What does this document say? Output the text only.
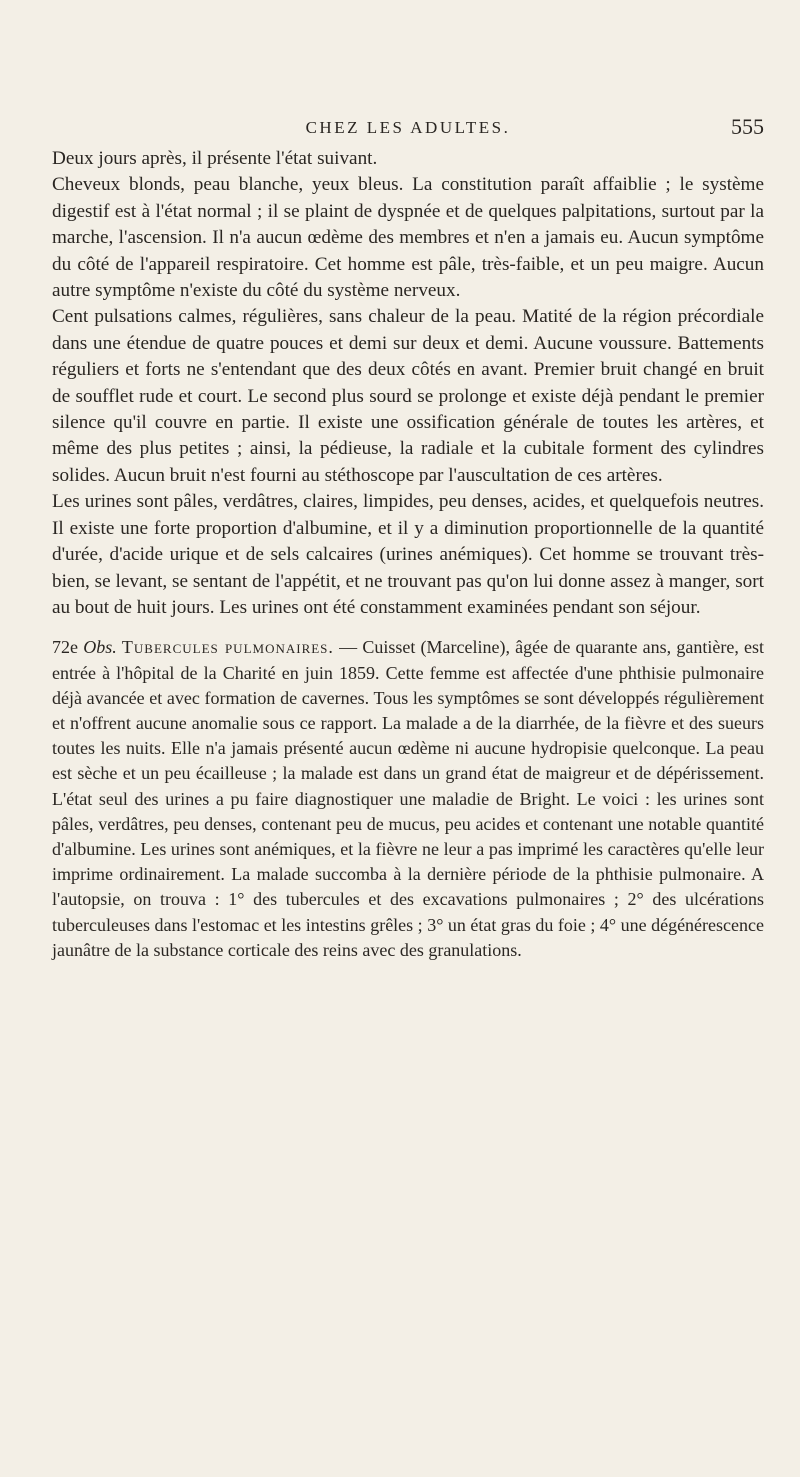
CHEZ LES ADULTES.	555

Deux jours après, il présente l'état suivant.

Cheveux blonds, peau blanche, yeux bleus. La constitution paraît affaiblie ; le système digestif est à l'état normal ; il se plaint de dyspnée et de quelques palpitations, surtout par la marche, l'ascension. Il n'a aucun œdème des membres et n'en a jamais eu. Aucun symptôme du côté de l'appareil respiratoire. Cet homme est pâle, très-faible, et un peu maigre. Aucun autre symptôme n'existe du côté du système nerveux.

Cent pulsations calmes, régulières, sans chaleur de la peau. Matité de la région précordiale dans une étendue de quatre pouces et demi sur deux et demi. Aucune voussure. Battements réguliers et forts ne s'entendant que des deux côtés en avant. Premier bruit changé en bruit de soufflet rude et court. Le second plus sourd se prolonge et existe déjà pendant le premier silence qu'il couvre en partie. Il existe une ossification générale de toutes les artères, et même des plus petites ; ainsi, la pédieuse, la radiale et la cubitale forment des cylindres solides. Aucun bruit n'est fourni au stéthoscope par l'auscultation de ces artères.

Les urines sont pâles, verdâtres, claires, limpides, peu denses, acides, et quelquefois neutres. Il existe une forte proportion d'albumine, et il y a diminution proportionnelle de la quantité d'urée, d'acide urique et de sels calcaires (urines anémiques). Cet homme se trouvant très-bien, se levant, se sentant de l'appétit, et ne trouvant pas qu'on lui donne assez à manger, sort au bout de huit jours. Les urines ont été constamment examinées pendant son séjour.

72e Obs. Tubercules pulmonaires. — Cuisset (Marceline), âgée de quarante ans, gantière, est entrée à l'hôpital de la Charité en juin 1859. Cette femme est affectée d'une phthisie pulmonaire déjà avancée et avec formation de cavernes. Tous les symptômes se sont développés régulièrement et n'offrent aucune anomalie sous ce rapport. La malade a de la diarrhée, de la fièvre et des sueurs toutes les nuits. Elle n'a jamais présenté aucun œdème ni aucune hydropisie quelconque. La peau est sèche et un peu écailleuse ; la malade est dans un grand état de maigreur et de dépérissement. L'état seul des urines a pu faire diagnostiquer une maladie de Bright. Le voici : les urines sont pâles, verdâtres, peu denses, contenant peu de mucus, peu acides et contenant une notable quantité d'albumine. Les urines sont anémiques, et la fièvre ne leur a pas imprimé les caractères qu'elle leur imprime ordinairement. La malade succomba à la dernière période de la phthisie pulmonaire. A l'autopsie, on trouva : 1° des tubercules et des excavations pulmonaires ; 2° des ulcérations tuberculeuses dans l'estomac et les intestins grêles ; 3° un état gras du foie ; 4° une dégénérescence jaunâtre de la substance corticale des reins avec des granulations.
